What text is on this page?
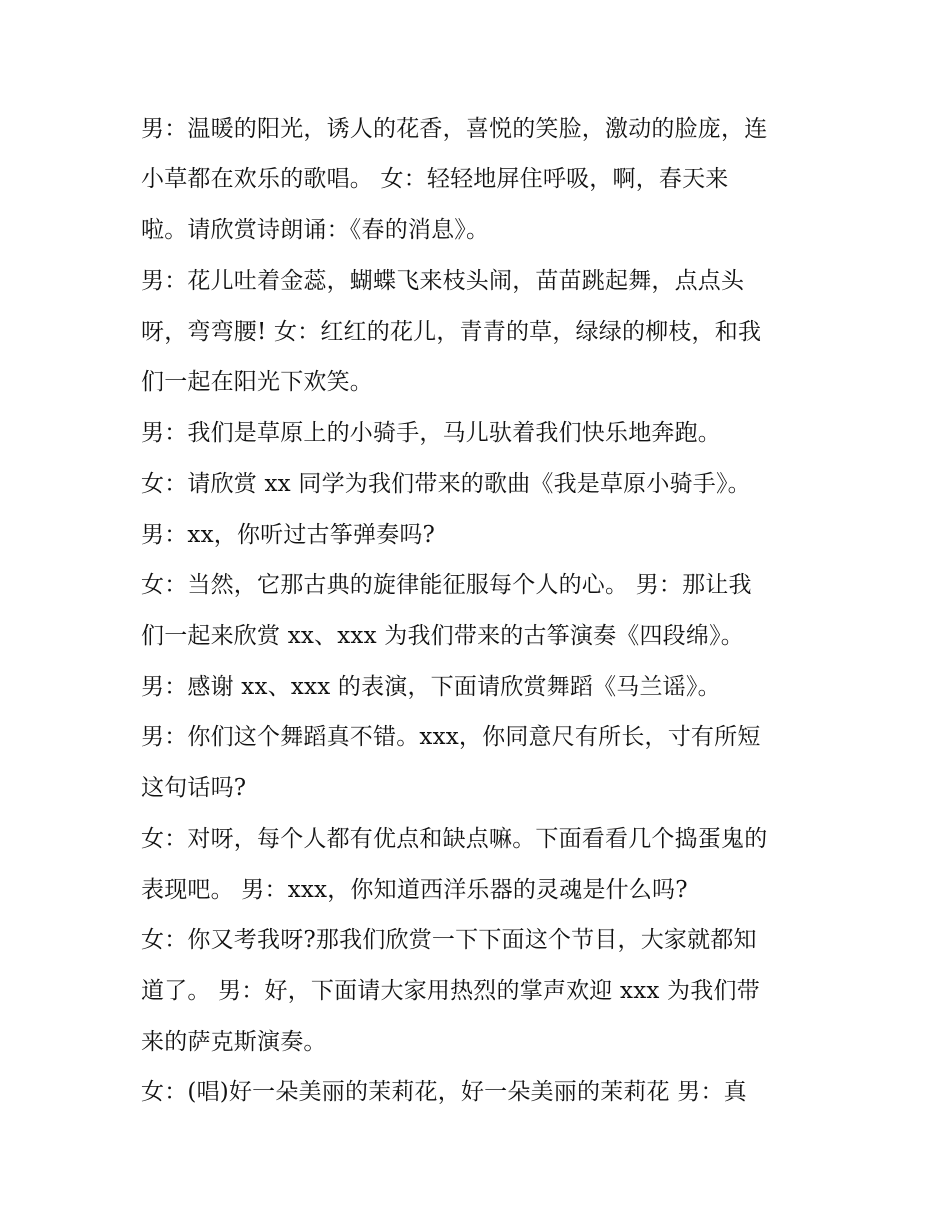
男：温暖的阳光，诱人的花香，喜悦的笑脸，激动的脸庞，连
小草都在欢乐的歌唱。 女：轻轻地屏住呼吸，啊，春天来
啦。请欣赏诗朗诵：《春的消息》。
男：花儿吐着金蕊，蝴蝶飞来枝头闹，苗苗跳起舞，点点头
呀，弯弯腰! 女：红红的花儿，青青的草，绿绿的柳枝，和我
们一起在阳光下欢笑。
男：我们是草原上的小骑手，马儿驮着我们快乐地奔跑。
女：请欣赏 xx 同学为我们带来的歌曲《我是草原小骑手》。
男：xx，你听过古筝弹奏吗?
女：当然，它那古典的旋律能征服每个人的心。 男：那让我
们一起来欣赏 xx、xxx 为我们带来的古筝演奏《四段绵》。
男：感谢 xx、xxx 的表演，下面请欣赏舞蹈《马兰谣》。
男：你们这个舞蹈真不错。xxx，你同意尺有所长，寸有所短
这句话吗?
女：对呀，每个人都有优点和缺点嘛。下面看看几个捣蛋鬼的
表现吧。 男：xxx，你知道西洋乐器的灵魂是什么吗?
女：你又考我呀?那我们欣赏一下下面这个节目，大家就都知
道了。 男：好，下面请大家用热烈的掌声欢迎 xxx 为我们带
来的萨克斯演奏。
女：(唱)好一朵美丽的茉莉花，好一朵美丽的茉莉花 男：真
